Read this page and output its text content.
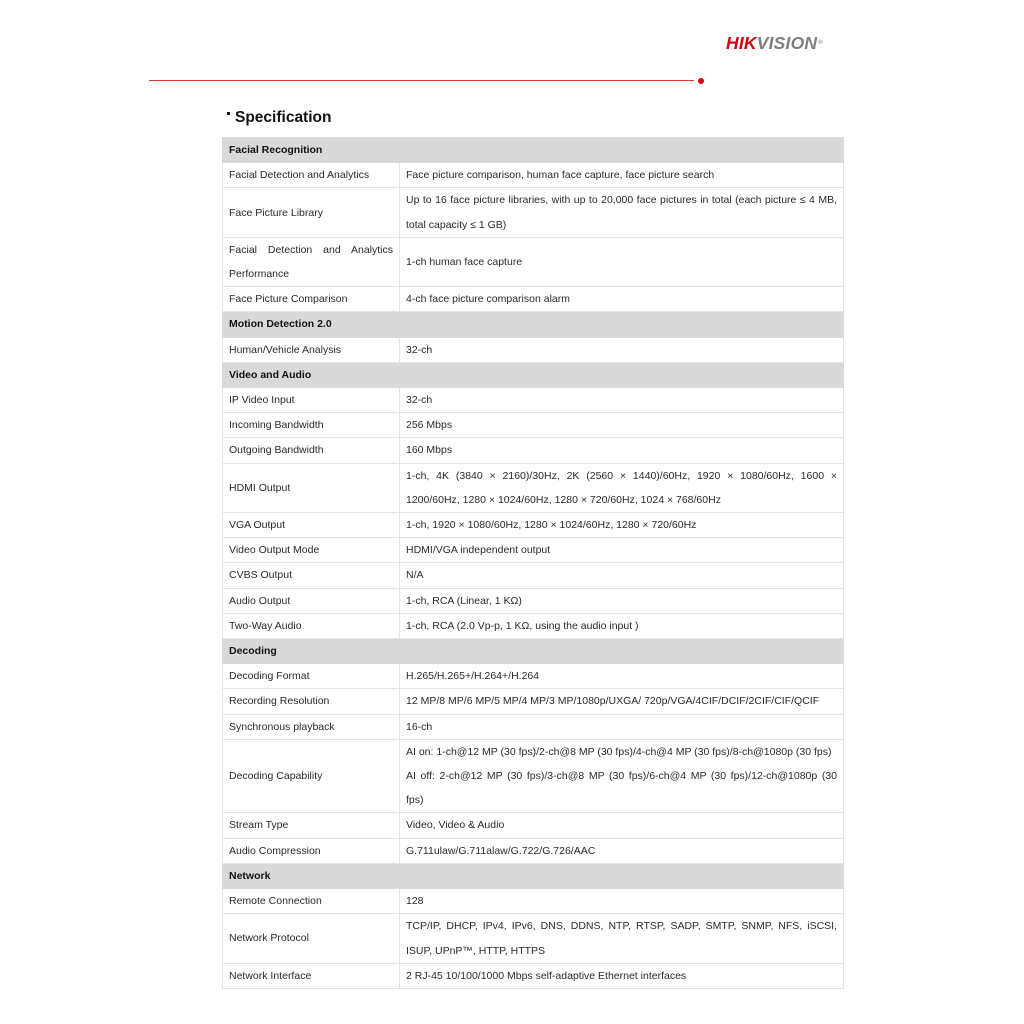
HIKVISION®
Specification
Facial Recognition	
Facial Detection and Analytics	Face picture comparison, human face capture, face picture search

Face Picture Library	Up to 16 face picture libraries, with up to 20,000 face pictures in total (each picture ≤ 4 MB, total capacity ≤ 1 GB)

Facial Detection and Analytics Performance	1-ch human face capture

Face Picture Comparison	4-ch face picture comparison alarm

Motion Detection 2.0	
Human/Vehicle Analysis	32-ch

Video and Audio	
IP Video Input	32-ch

Incoming Bandwidth	256 Mbps

Outgoing Bandwidth	160 Mbps

HDMI Output	1-ch, 4K (3840 × 2160)/30Hz, 2K (2560 × 1440)/60Hz, 1920 × 1080/60Hz, 1600 × 1200/60Hz, 1280 × 1024/60Hz, 1280 × 720/60Hz, 1024 × 768/60Hz

VGA Output	1-ch, 1920 × 1080/60Hz, 1280 × 1024/60Hz, 1280 × 720/60Hz

Video Output Mode	HDMI/VGA independent output

CVBS Output	N/A

Audio Output	1-ch, RCA (Linear, 1 KΩ)

Two-Way Audio	1-ch, RCA (2.0 Vp-p, 1 KΩ, using the audio input )

Decoding	
Decoding Format	H.265/H.265+/H.264+/H.264

Recording Resolution	12 MP/8 MP/6 MP/5 MP/4 MP/3 MP/1080p/UXGA/ 720p/VGA/4CIF/DCIF/2CIF/CIF/QCIF

Synchronous playback	16-ch

Decoding Capability	AI on: 1-ch@12 MP (30 fps)/2-ch@8 MP (30 fps)/4-ch@4 MP (30 fps)/8-ch@1080p (30 fps)
AI off: 2-ch@12 MP (30 fps)/3-ch@8 MP (30 fps)/6-ch@4 MP (30 fps)/12-ch@1080p (30 fps)

Stream Type	Video, Video & Audio

Audio Compression	G.711ulaw/G.711alaw/G.722/G.726/AAC

Network	
Remote Connection	128

Network Protocol	TCP/IP, DHCP, IPv4, IPv6, DNS, DDNS, NTP, RTSP, SADP, SMTP, SNMP, NFS, iSCSI, ISUP, UPnP™, HTTP, HTTPS

Network Interface	2 RJ-45 10/100/1000 Mbps self-adaptive Ethernet interfaces
